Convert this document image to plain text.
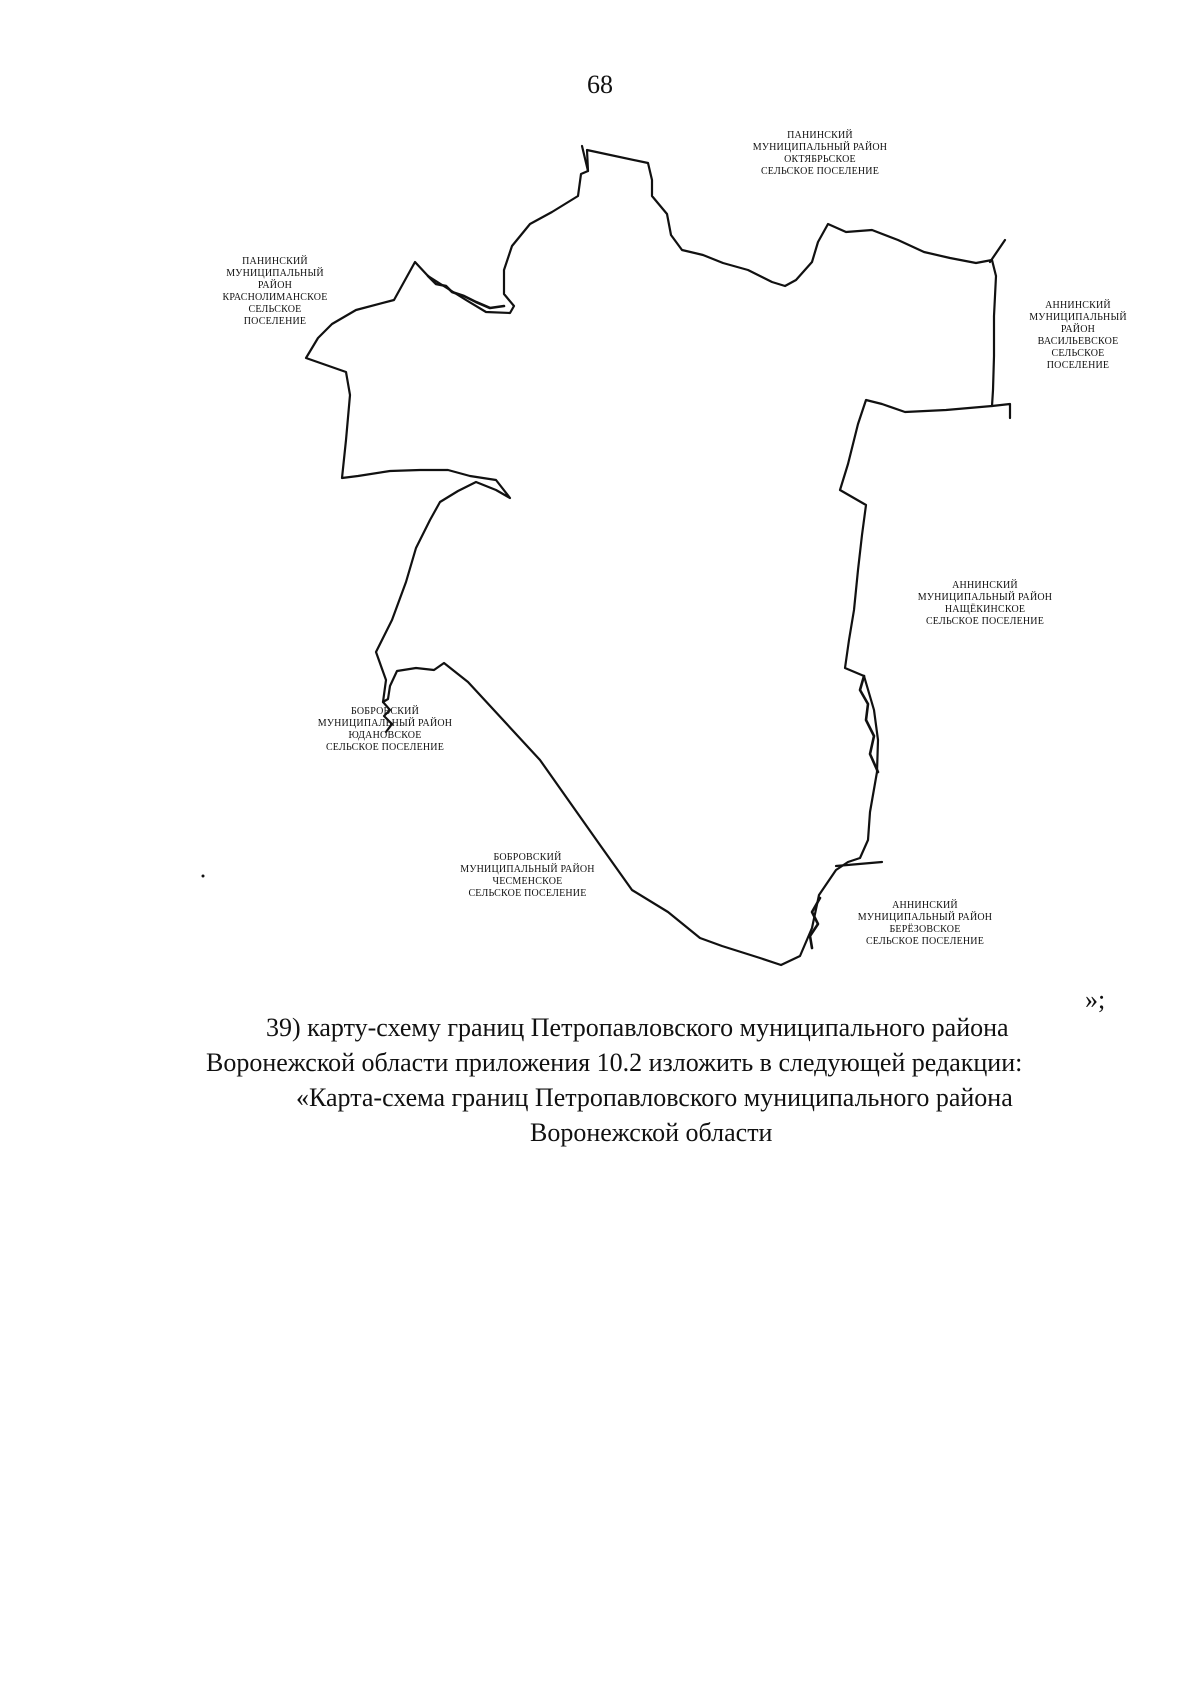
68
ПАНИНСКИЙ
МУНИЦИПАЛЬНЫЙ РАЙОН
ОКТЯБРЬСКОЕ
СЕЛЬСКОЕ ПОСЕЛЕНИЕ
ПАНИНСКИЙ
МУНИЦИПАЛЬНЫЙ
РАЙОН
КРАСНОЛИМАНСКОЕ
СЕЛЬСКОЕ
ПОСЕЛЕНИЕ
АННИНСКИЙ
МУНИЦИПАЛЬНЫЙ
РАЙОН
ВАСИЛЬЕВСКОЕ
СЕЛЬСКОЕ
ПОСЕЛЕНИЕ
АННИНСКИЙ
МУНИЦИПАЛЬНЫЙ РАЙОН
НАЩЁКИНСКОЕ
СЕЛЬСКОЕ ПОСЕЛЕНИЕ
БОБРОВСКИЙ
МУНИЦИПАЛЬНЫЙ РАЙОН
ЮДАНОВСКОЕ
СЕЛЬСКОЕ ПОСЕЛЕНИЕ
БОБРОВСКИЙ
МУНИЦИПАЛЬНЫЙ РАЙОН
ЧЕСМЕНСКОЕ
СЕЛЬСКОЕ ПОСЕЛЕНИЕ
АННИНСКИЙ
МУНИЦИПАЛЬНЫЙ РАЙОН
БЕРЁЗОВСКОЕ
СЕЛЬСКОЕ ПОСЕЛЕНИЕ
»;
39) карту-схему границ Петропавловского муниципального района
Воронежской области приложения 10.2 изложить в следующей редакции:
«Карта-схема границ Петропавловского муниципального района
Воронежской области
